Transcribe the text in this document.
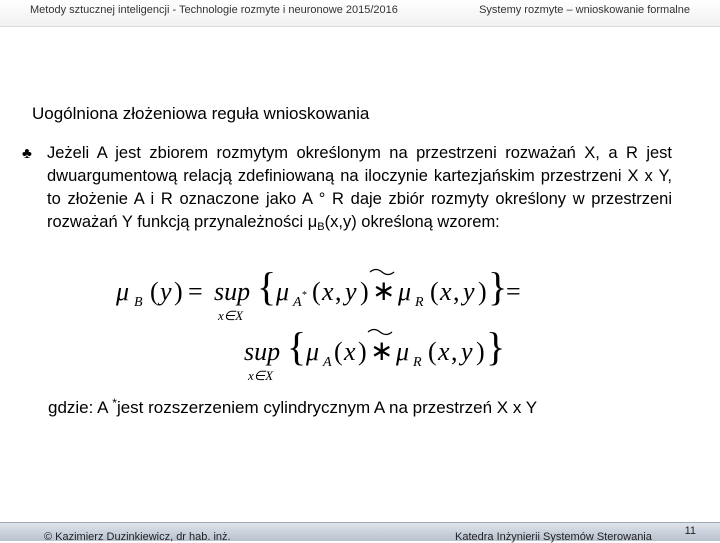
Metody sztucznej inteligencji - Technologie rozmyte i neuronowe 2015/2016	Systemy rozmyte – wnioskowanie formalne
Uogólniona złożeniowa reguła wnioskowania
♣ Jeżeli A jest zbiorem rozmytym określonym na przestrzeni rozważań X, a R jest dwuargumentową relacją zdefiniowaną na iloczynie kartezjańskim przestrzeni X x Y, to złożenie A i R oznaczone jako A ° R daje zbiór rozmyty określony w przestrzeni rozważań Y funkcją przynależności $\mu_B(x,y)$ określoną wzorem:
μ B ( y ) = sup
x∈X
{ μ A * ( x , y ) ∗ μ R ( x , y ) }
=
sup
x∈X
{ μ A ( x ) ∗ μ R ( x , y ) }
gdzie: A *jest rozszerzeniem cylindrycznym A na przestrzeń X x Y
© Kazimierz Duzinkiewicz, dr hab. inż.	Katedra Inżynierii Systemów Sterowania	11
